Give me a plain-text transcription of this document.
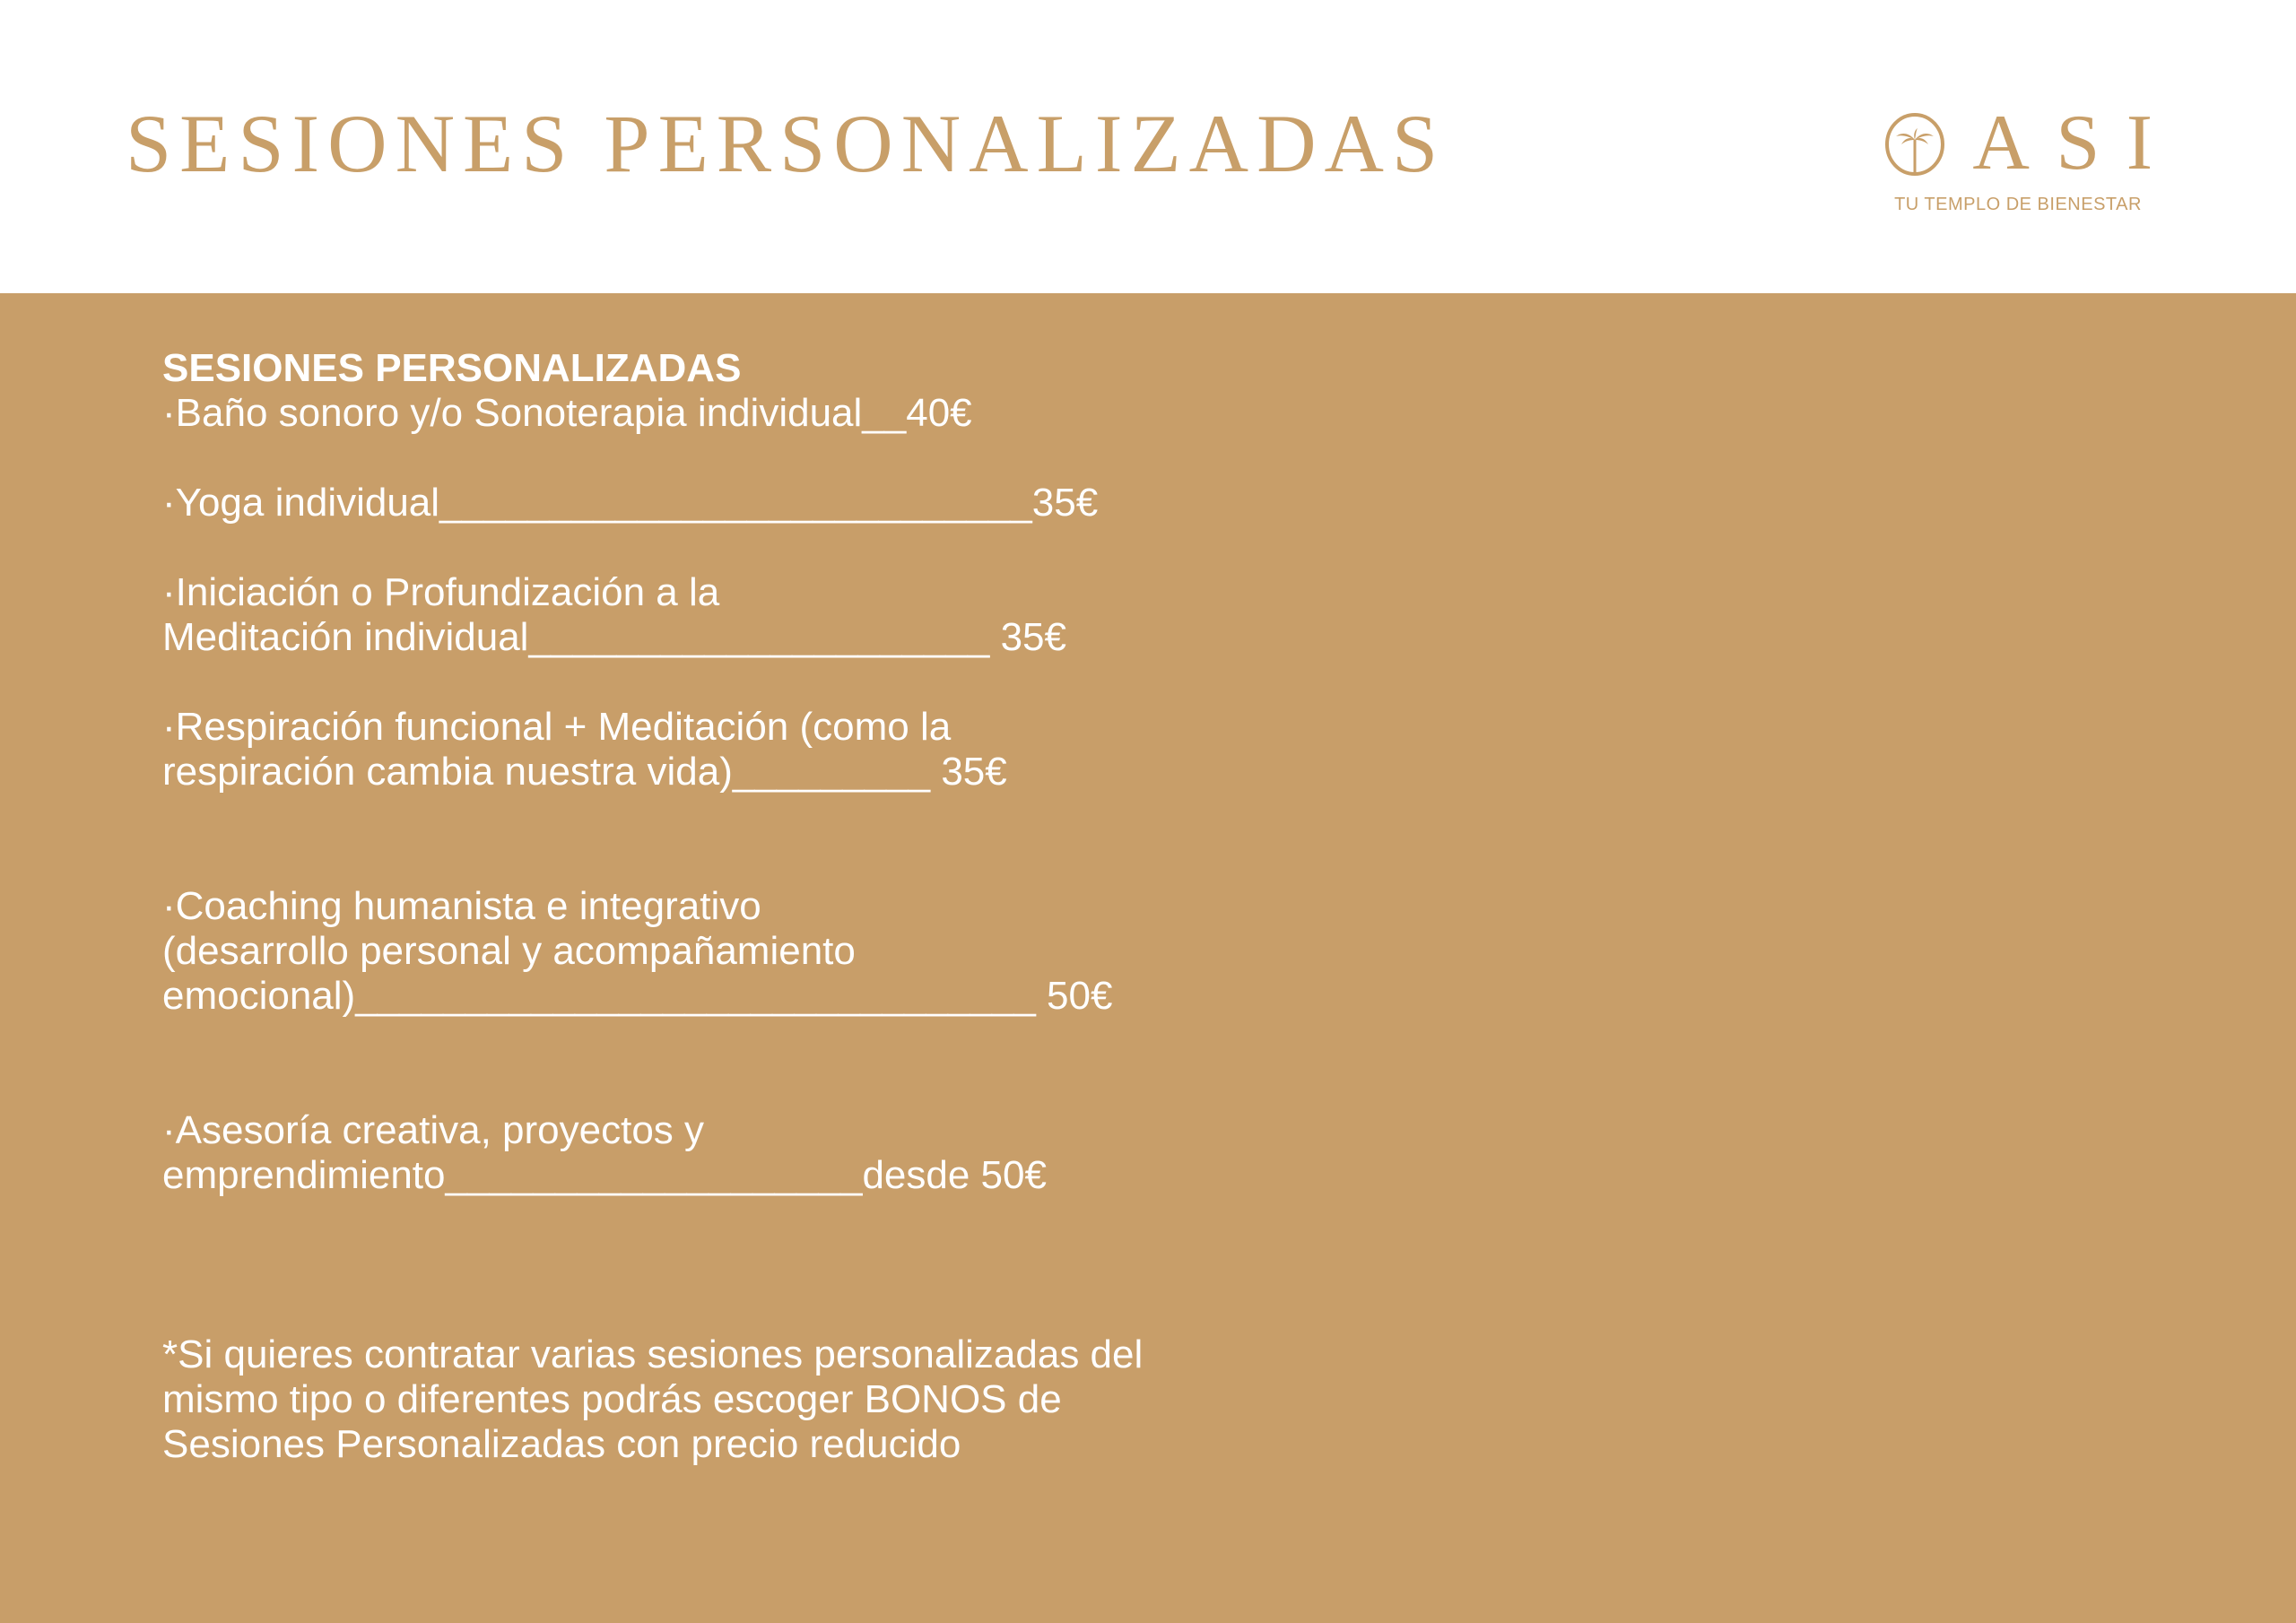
SESIONES PERSONALIZADAS	A S I
TU TEMPLO DE BIENESTAR
SESIONES PERSONALIZADAS
·Baño sonoro y/o Sonoterapia individual__40€
·Yoga individual___________________________35€
·Iniciación o Profundización a la
Meditación individual_____________________ 35€
·Respiración funcional + Meditación (como la
respiración cambia nuestra vida)_________ 35€
·Coaching humanista e integrativo
(desarrollo personal y acompañamiento
emocional)_______________________________ 50€
·Asesoría creativa, proyectos y
emprendimiento___________________desde 50€
*Si quieres contratar varias sesiones personalizadas del
mismo tipo o diferentes podrás escoger BONOS de
Sesiones Personalizadas con precio reducido
